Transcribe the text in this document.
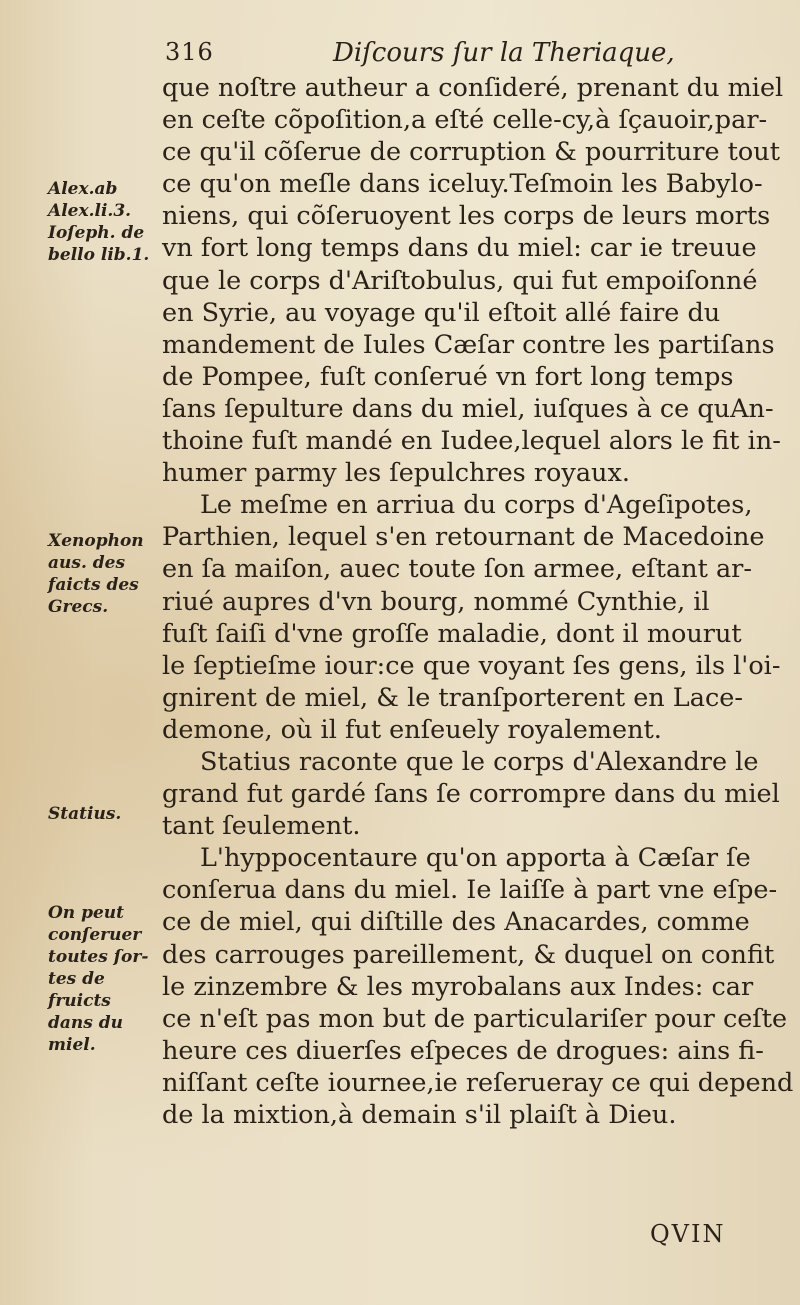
316	Diſcours ſur la Theriaque,
que noſtre autheur a conſideré, prenant du miel
en ceſte cõpoſition,a eſté celle-cy,à ſçauoir,par-
ce qu'il cõſerue de corruption & pourriture tout
ce qu'on meſle dans iceluy.Teſmoin les Babylo-
niens, qui cõſeruoyent les corps de leurs morts
vn fort long temps dans du miel: car ie treuue
que le corps d'Ariſtobulus, qui fut empoiſonné
en Syrie, au voyage qu'il eſtoit allé faire du
mandement de Iules Cæſar contre les partiſans
de Pompee, fuſt conſerué vn fort long temps
ſans ſepulture dans du miel, iuſques à ce quAn-
thoine fuſt mandé en Iudee,lequel alors le fit in-
humer parmy les ſepulchres royaux.
Le meſme en arriua du corps d'Ageſipotes,
Parthien, lequel s'en retournant de Macedoine
en ſa maiſon, auec toute ſon armee, eſtant ar-
riué aupres d'vn bourg, nommé Cynthie, il
fuſt ſaiſi d'vne groſſe maladie, dont il mourut
le ſeptieſme iour:ce que voyant ſes gens, ils l'oi-
gnirent de miel, & le tranſporterent en Lace-
demone, où il fut enſeuely royalement.
Statius raconte que le corps d'Alexandre le
grand fut gardé ſans ſe corrompre dans du miel
tant ſeulement.
L'hyppocentaure qu'on apporta à Cæſar ſe
conſerua dans du miel. Ie laiſſe à part vne eſpe-
ce de miel, qui diſtille des Anacardes, comme
des carrouges pareillement, & duquel on confit
le zinzembre & les myrobalans aux Indes: car
ce n'eſt pas mon but de particulariſer pour ceſte
heure ces diuerſes eſpeces de drogues: ains fi-
niſſant ceſte iournee,ie reſerueray ce qui depend
de la mixtion,à demain s'il plaiſt à Dieu.
Alex.ab
Alex.li.3.
Ioſeph. de
bello lib.1.
Xenophon
aus. des
faicts des
Grecs.
Statius.
On peut
conſeruer
toutes ſor-
tes de
fruicts
dans du
miel.
QVIN
